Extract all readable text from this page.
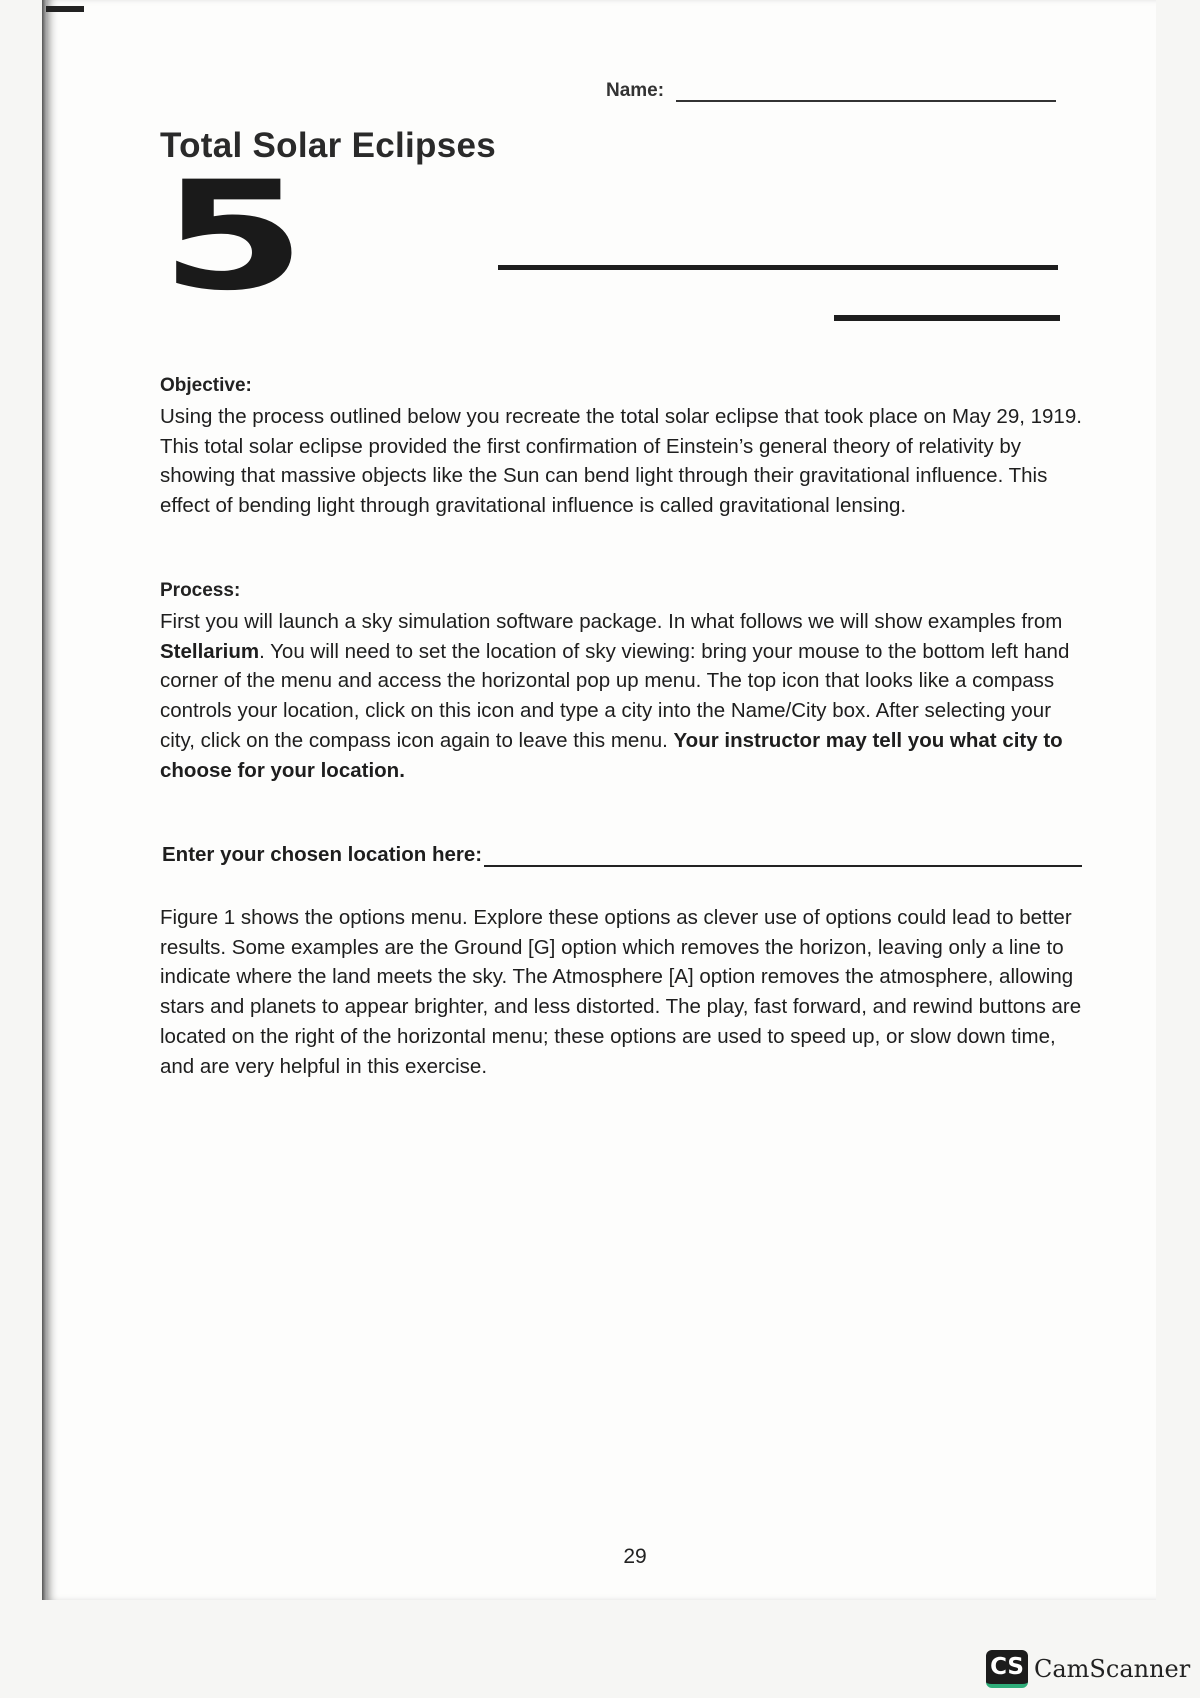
Name:
Total Solar Eclipses
5
Objective:

Using the process outlined below you recreate the total solar eclipse that took place on May 29, 1919. This total solar eclipse provided the first confirmation of Einstein’s general theory of relativity by showing that massive objects like the Sun can bend light through their gravitational influence. This effect of bending light through gravitational influence is called gravitational lensing.

Process:

First you will launch a sky simulation software package. In what follows we will show examples from Stellarium. You will need to set the location of sky viewing: bring your mouse to the bottom left hand corner of the menu and access the horizontal pop up menu. The top icon that looks like a compass controls your location, click on this icon and type a city into the Name/City box. After selecting your city, click on the compass icon again to leave this menu. Your instructor may tell you what city to choose for your location.

Enter your chosen location here:

Figure 1 shows the options menu. Explore these options as clever use of options could lead to better results. Some examples are the Ground [G] option which removes the horizon, leaving only a line to indicate where the land meets the sky. The Atmosphere [A] option removes the atmosphere, allowing stars and planets to appear brighter, and less distorted. The play, fast forward, and rewind buttons are located on the right of the horizontal menu; these options are used to speed up, or slow down time, and are very helpful in this exercise.

29
CS CamScanner
